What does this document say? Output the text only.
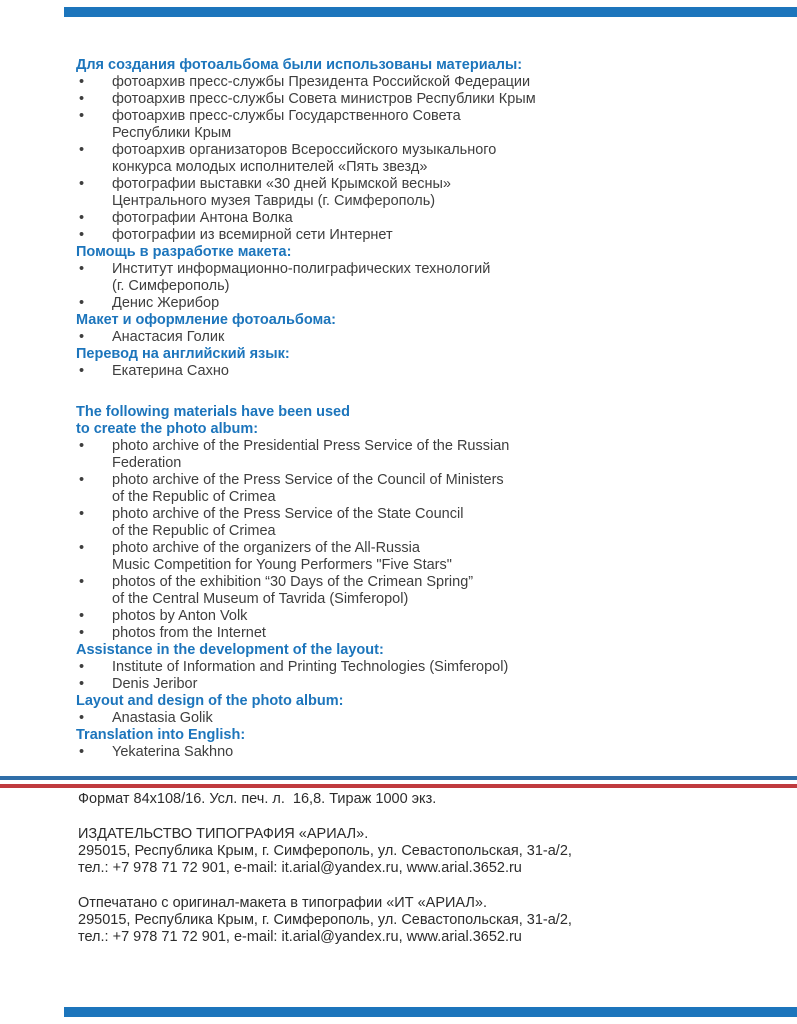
Для создания фотоальбома были использованы материалы:
•	фотоархив пресс-службы Президента Российской Федерации
•	фотоархив пресс-службы Совета министров Республики Крым
•	фотоархив пресс-службы Государственного Совета
Республики Крым
•	фотоархив организаторов Всероссийского музыкального
конкурса молодых исполнителей «Пять звезд»
•	фотографии выставки «30 дней Крымской весны»
Центрального музея Тавриды (г. Симферополь)
•	фотографии Антона Волка
•	фотографии из всемирной сети Интернет
Помощь в разработке макета:
•	Институт информационно-полиграфических технологий
(г. Симферополь)
•	Денис Жерибор
Макет и оформление фотоальбома:
•	Анастасия Голик
Перевод на английский язык:
•	Екатерина Сахно
The following materials have been used
to create the photo album:
•	photo archive of the Presidential Press Service of the Russian
Federation
•	photo archive of the Press Service of the Council of Ministers
of the Republic of Crimea
•	photo archive of the Press Service of the State Council
of the Republic of Crimea
•	photo archive of the organizers of the All-Russia
Music Competition for Young Performers "Five Stars"
•	photos of the exhibition “30 Days of the Crimean Spring”
of the Central Museum of Tavrida (Simferopol)
•	photos by Anton Volk
•	photos from the Internet
Assistance in the development of the layout:
•	Institute of Information and Printing Technologies (Simferopol)
•	Denis Jeribor
Layout and design of the photo album:
•	Anastasia Golik
Translation into English:
•	Yekaterina Sakhno
Формат 84х108/16. Усл. печ. л.  16,8. Тираж 1000 экз.
ИЗДАТЕЛЬСТВО ТИПОГРАФИЯ «АРИАЛ».
295015, Республика Крым, г. Симферополь, ул. Севастопольская, 31-а/2,
тел.: +7 978 71 72 901, e-mail: it.arial@yandex.ru, www.arial.3652.ru
Отпечатано с оригинал-макета в типографии «ИТ «АРИАЛ».
295015, Республика Крым, г. Симферополь, ул. Севастопольская, 31-а/2,
тел.: +7 978 71 72 901, e-mail: it.arial@yandex.ru, www.arial.3652.ru
